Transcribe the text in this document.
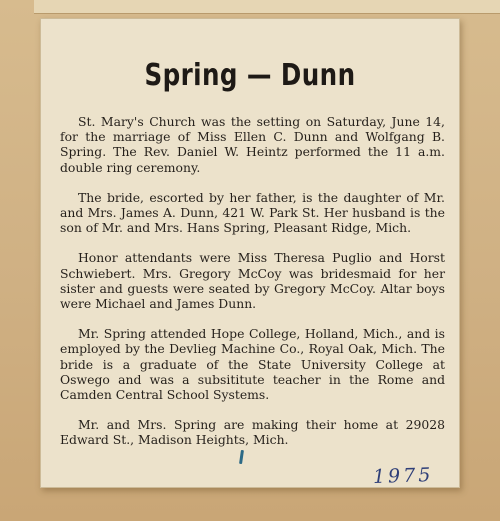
Spring — Dunn

St. Mary's Church was the setting on Saturday, June 14, for the marriage of Miss Ellen C. Dunn and Wolfgang B. Spring. The Rev. Daniel W. Heintz performed the 11 a.m. double ring ceremony.

The bride, escorted by her father, is the daughter of Mr. and Mrs. James A. Dunn, 421 W. Park St. Her husband is the son of Mr. and Mrs. Hans Spring, Pleasant Ridge, Mich.

Honor attendants were Miss Theresa Puglio and Horst Schwiebert. Mrs. Gregory McCoy was bridesmaid for her sister and guests were seated by Gregory McCoy. Altar boys were Michael and James Dunn.

Mr. Spring attended Hope College, Holland, Mich., and is employed by the Devlieg Machine Co., Royal Oak, Mich. The bride is a graduate of the State University College at Oswego and was a subsititute teacher in the Rome and Camden Central School Systems.

Mr. and Mrs. Spring are making their home at 29028 Edward St., Madison Heights, Mich.

1975
